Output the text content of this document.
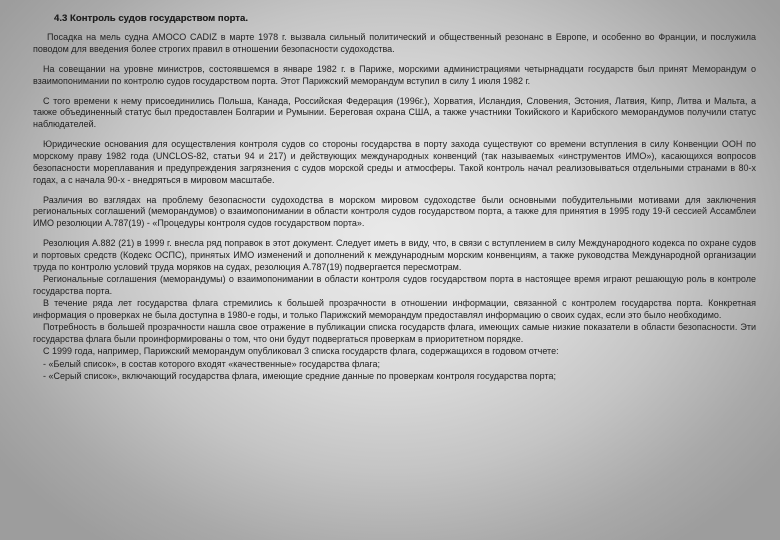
4.3 Контроль судов государством порта.

Посадка на мель судна AMOCO CADIZ в марте 1978 г. вызвала сильный политический и общественный резонанс в Европе, и особенно во Франции, и послужила поводом для введения более строгих правил в отношении безопасности судоходства.

На совещании на уровне министров, состоявшемся в январе 1982 г. в Париже, морскими администрациями четырнадцати государств был принят Меморандум о взаимопонимании по контролю судов государством порта. Этот Парижский меморандум вступил в силу 1 июля 1982 г.

С того времени к нему присоединились Польша, Канада, Российская Федерация (1996г.), Хорватия, Исландия, Словения, Эстония, Латвия, Кипр, Литва и Мальта, а также объединенный статус был предоставлен Болгарии и Румынии. Береговая охрана США, а также участники Токийского и Карибского меморандумов получили статус наблюдателей.

Юридические основания для осуществления контроля судов со стороны государства в порту захода существуют со времени вступления в силу Конвенции ООН по морскому праву 1982 года (UNCLOS-82, статьи 94 и 217) и действующих международных конвенций (так называемых «инструментов ИМО»), касающихся вопросов безопасности мореплавания и предупреждения загрязнения с судов морской среды и атмосферы. Такой контроль начал реализовываться отдельными странами в 80-х годах, а с начала 90-х - внедряться в мировом масштабе.

Различия во взглядах на проблему безопасности судоходства в морском мировом судоходстве были основными побудительными мотивами для заключения региональных соглашений (меморандумов) о взаимопонимании в области контроля судов государством порта, а также для принятия в 1995 году 19-й сессией Ассамблеи ИМО резолюции А.787(19) - «Процедуры контроля судов государством порта».

Резолюция А.882 (21) в 1999 г. внесла ряд поправок в этот документ. Следует иметь в виду, что, в связи с вступлением в силу Международного кодекса по охране судов и портовых средств (Кодекс ОСПС), принятых ИМО изменений и дополнений к международным морским конвенциям, а также руководства Международной организации труда по контролю условий труда моряков на судах, резолюция А.787(19) подвергается пересмотрам.

Региональные соглашения (меморандумы) о взаимопонимании в области контроля судов государством порта в настоящее время играют решающую роль в контроле государства порта.

В течение ряда лет государства флага стремились к большей прозрачности в отношении информации, связанной с контролем государства порта. Конкретная информация о проверках не была доступна в 1980-е годы, и только Парижский меморандум предоставлял информацию о своих судах, если это было необходимо.

Потребность в большей прозрачности нашла свое отражение в публикации списка государств флага, имеющих самые низкие показатели в области безопасности. Эти государства флага были проинформированы о том, что они будут подвергаться проверкам в приоритетном порядке.

С 1999 года, например, Парижский меморандум опубликовал 3 списка государств флага, содержащихся в годовом отчете:

- «Белый список», в состав которого входят «качественные» государства флага;

- «Серый список», включающий государства флага, имеющие средние данные по проверкам контроля государства порта;
